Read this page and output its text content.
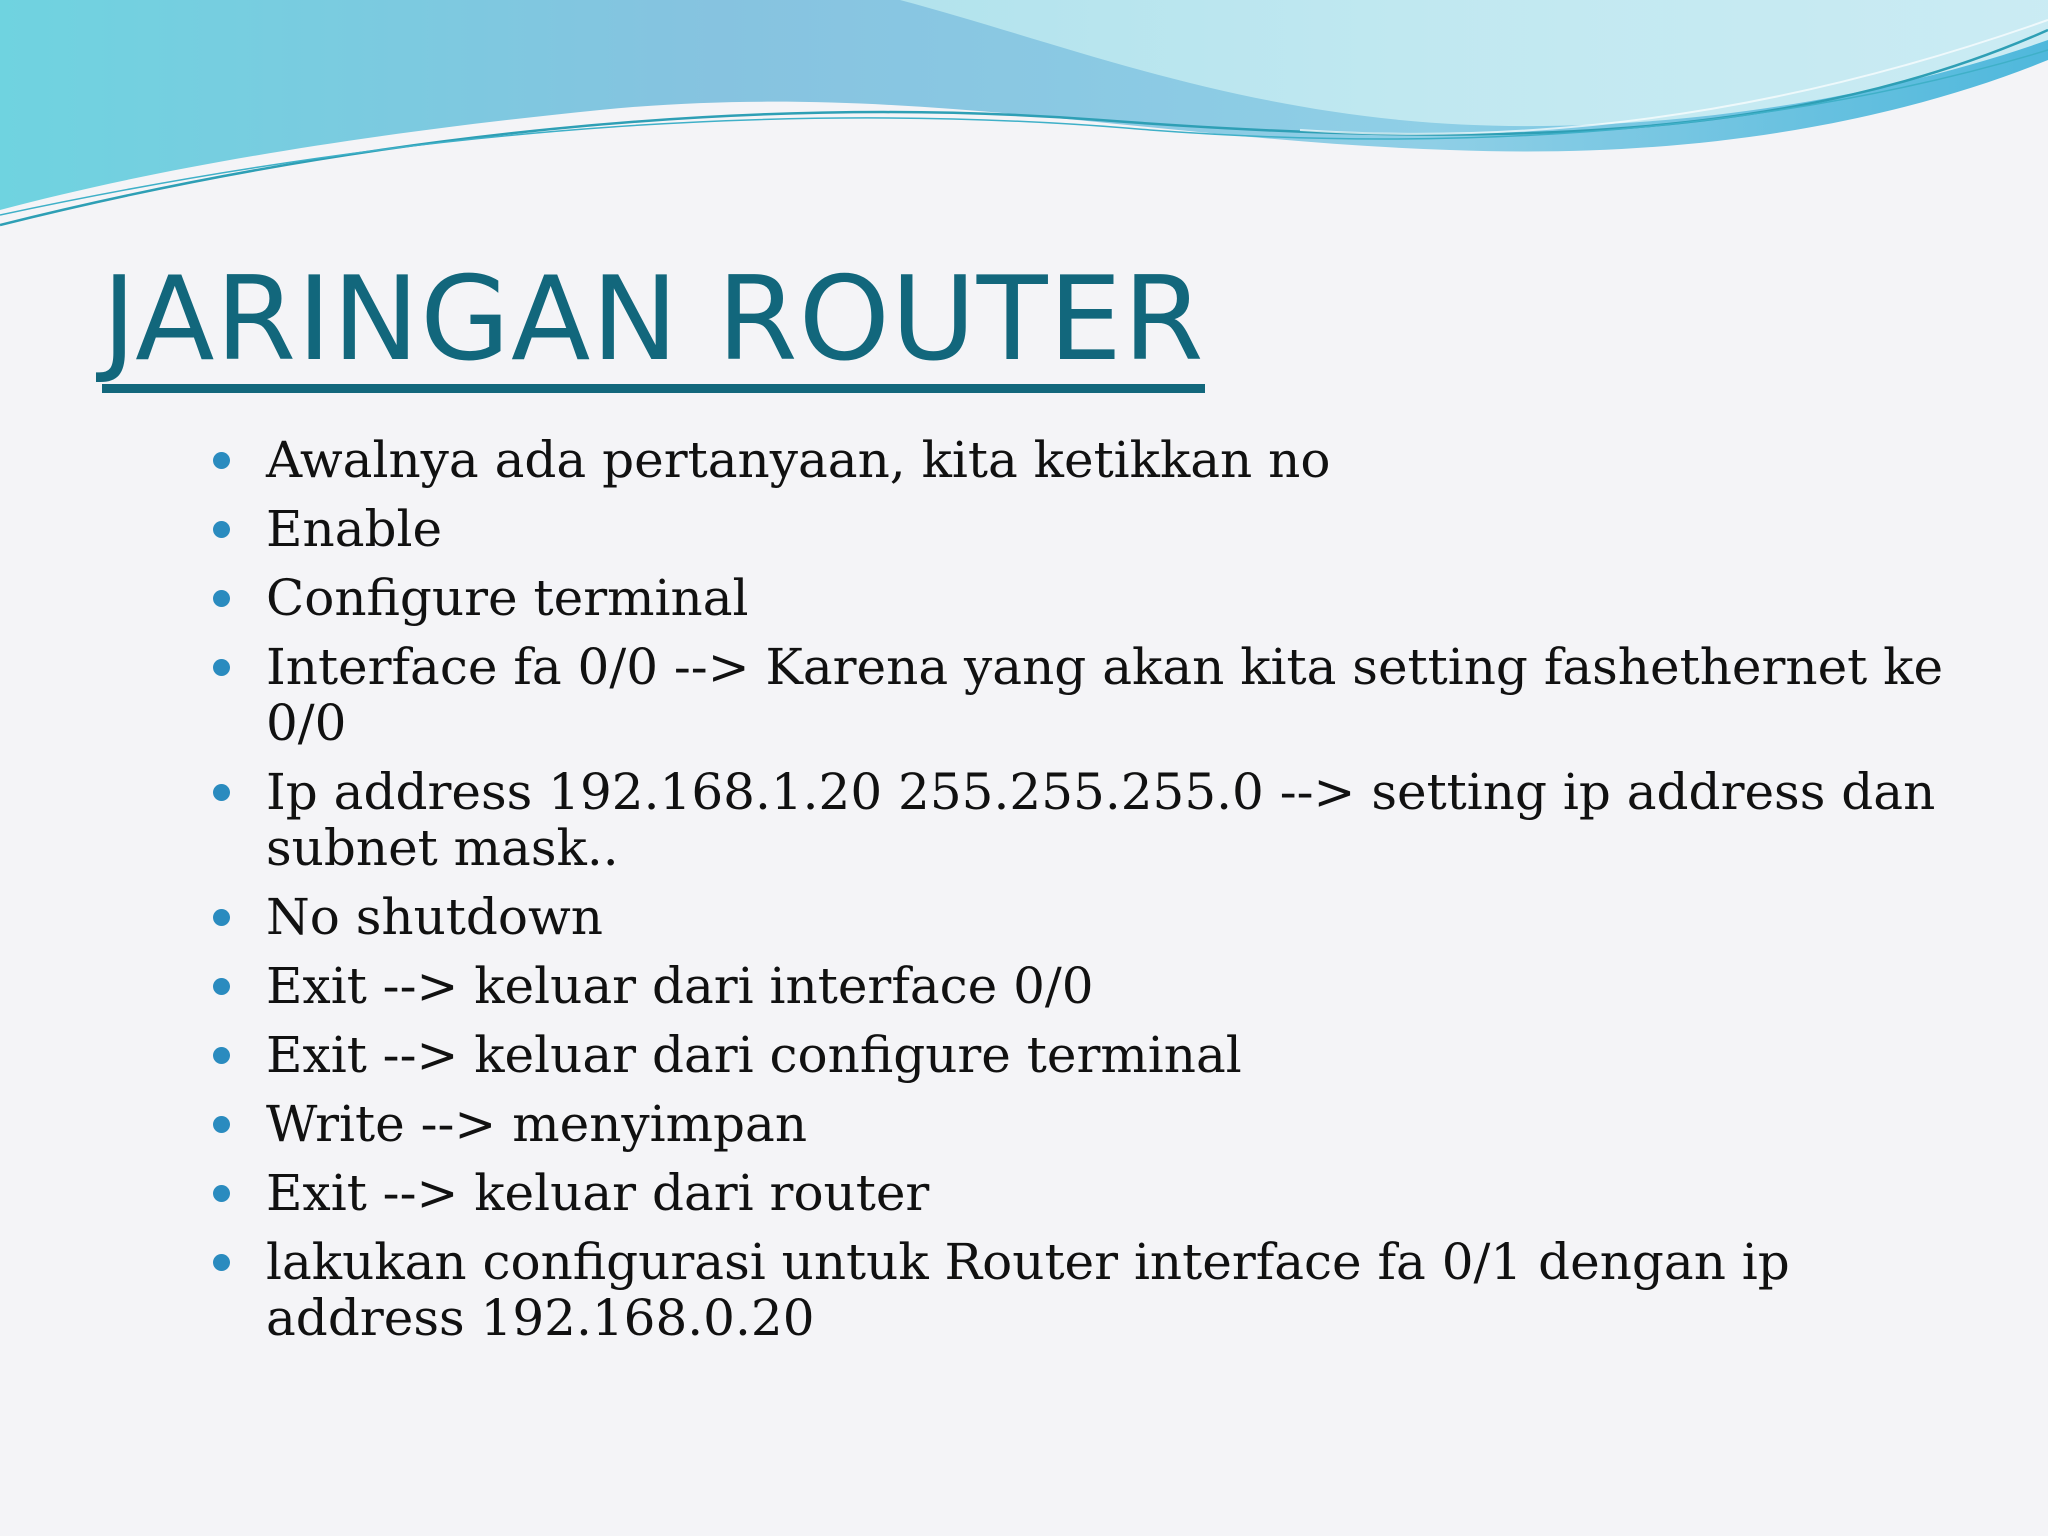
JARINGAN ROUTER
Awalnya ada pertanyaan, kita ketikkan no
Enable
Configure terminal
Interface fa 0/0 --> Karena yang akan kita setting fashethernet ke 0/0
Ip address 192.168.1.20 255.255.255.0 --> setting ip address dan subnet mask..
No shutdown
Exit --> keluar dari interface 0/0
Exit --> keluar dari configure terminal
Write --> menyimpan
Exit --> keluar dari router
lakukan configurasi untuk Router interface fa 0/1 dengan ip address 192.168.0.20
